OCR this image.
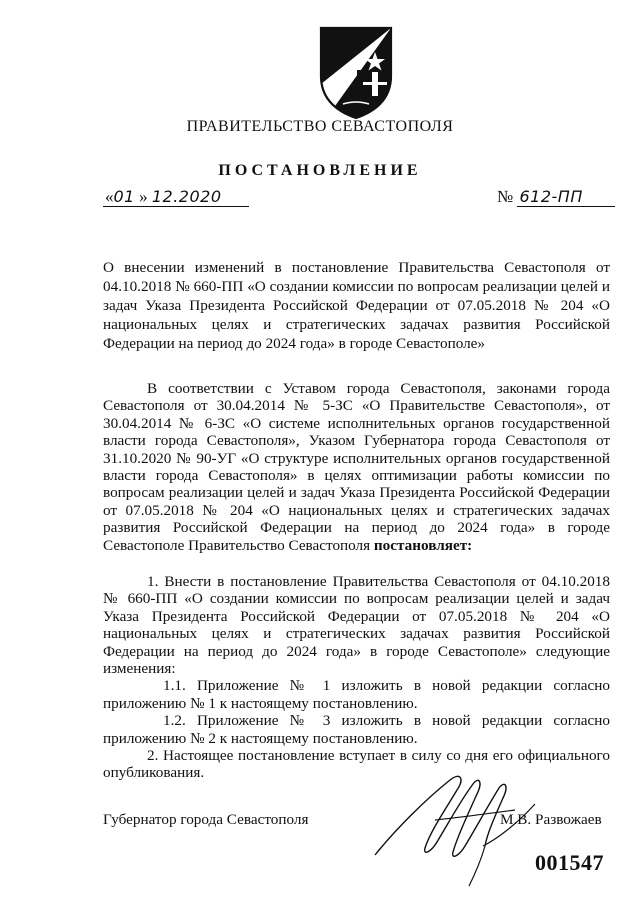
ПРАВИТЕЛЬСТВО СЕВАСТОПОЛЯ
ПОСТАНОВЛЕНИЕ
«01 » 12.2020	№ 612-ПП

О внесении изменений в постановление Правительства Севастополя от 04.10.2018 № 660-ПП «О создании комиссии по вопросам реализации целей и задач Указа Президента Российской Федерации от 07.05.2018 № 204 «О национальных целях и стратегических задачах развития Российской Федерации на период до 2024 года» в городе Севастополе»

В соответствии с Уставом города Севастополя, законами города Севастополя от 30.04.2014 № 5-ЗС «О Правительстве Севастополя», от 30.04.2014 № 6-ЗС «О системе исполнительных органов государственной власти города Севастополя», Указом Губернатора города Севастополя от 31.10.2020 № 90-УГ «О структуре исполнительных органов государственной власти города Севастополя» в целях оптимизации работы комиссии по вопросам реализации целей и задач Указа Президента Российской Федерации от 07.05.2018 № 204 «О национальных целях и стратегических задачах развития Российской Федерации на период до 2024 года» в городе Севастополе Правительство Севастополя постановляет:

1. Внести в постановление Правительства Севастополя от 04.10.2018 № 660-ПП «О создании комиссии по вопросам реализации целей и задач Указа Президента Российской Федерации от 07.05.2018 № 204 «О национальных целях и стратегических задачах развития Российской Федерации на период до 2024 года» в городе Севастополе» следующие изменения:

1.1. Приложение № 1 изложить в новой редакции согласно приложению № 1 к настоящему постановлению.

1.2. Приложение № 3 изложить в новой редакции согласно приложению № 2 к настоящему постановлению.

2. Настоящее постановление вступает в силу со дня его официального опубликования.

Губернатор города Севастополя	М.В. Развожаев
001547
